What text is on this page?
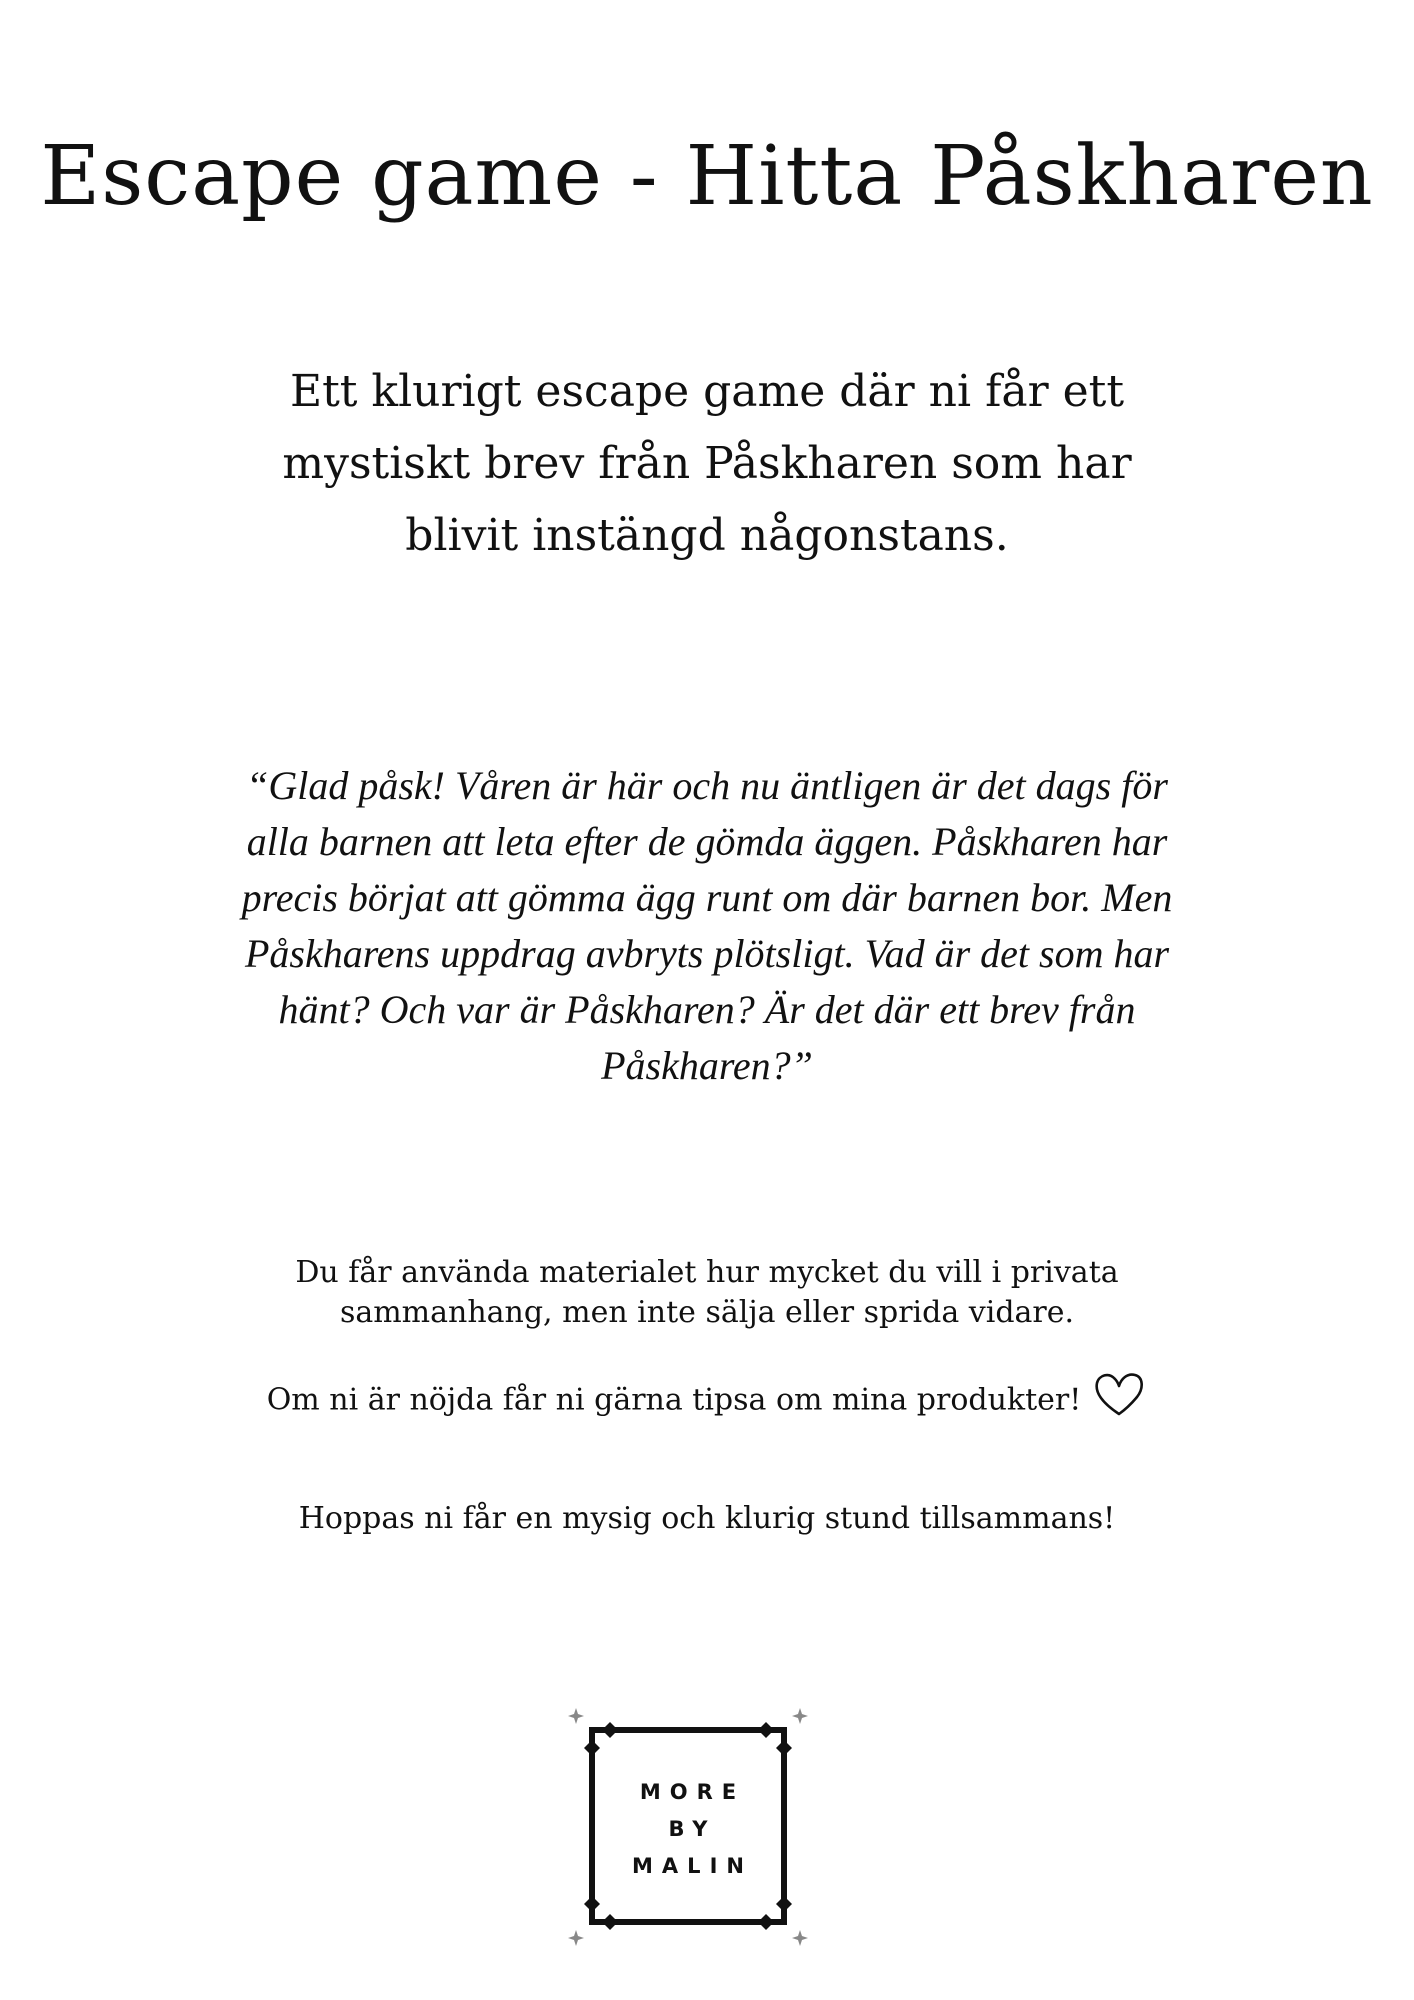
Escape game - Hitta Påskharen
Ett klurigt escape game där ni får ett
mystiskt brev från Påskharen som har
blivit instängd någonstans.
“Glad påsk! Våren är här och nu äntligen är det dags för
alla barnen att leta efter de gömda äggen. Påskharen har
precis börjat att gömma ägg runt om där barnen bor. Men
Påskharens uppdrag avbryts plötsligt. Vad är det som har
hänt? Och var är Påskharen? Är det där ett brev från
Påskharen?”
Du får använda materialet hur mycket du vill i privata
sammanhang, men inte sälja eller sprida vidare.
Om ni är nöjda får ni gärna tipsa om mina produkter!
Hoppas ni får en mysig och klurig stund tillsammans!
MORE
BY
MALIN
